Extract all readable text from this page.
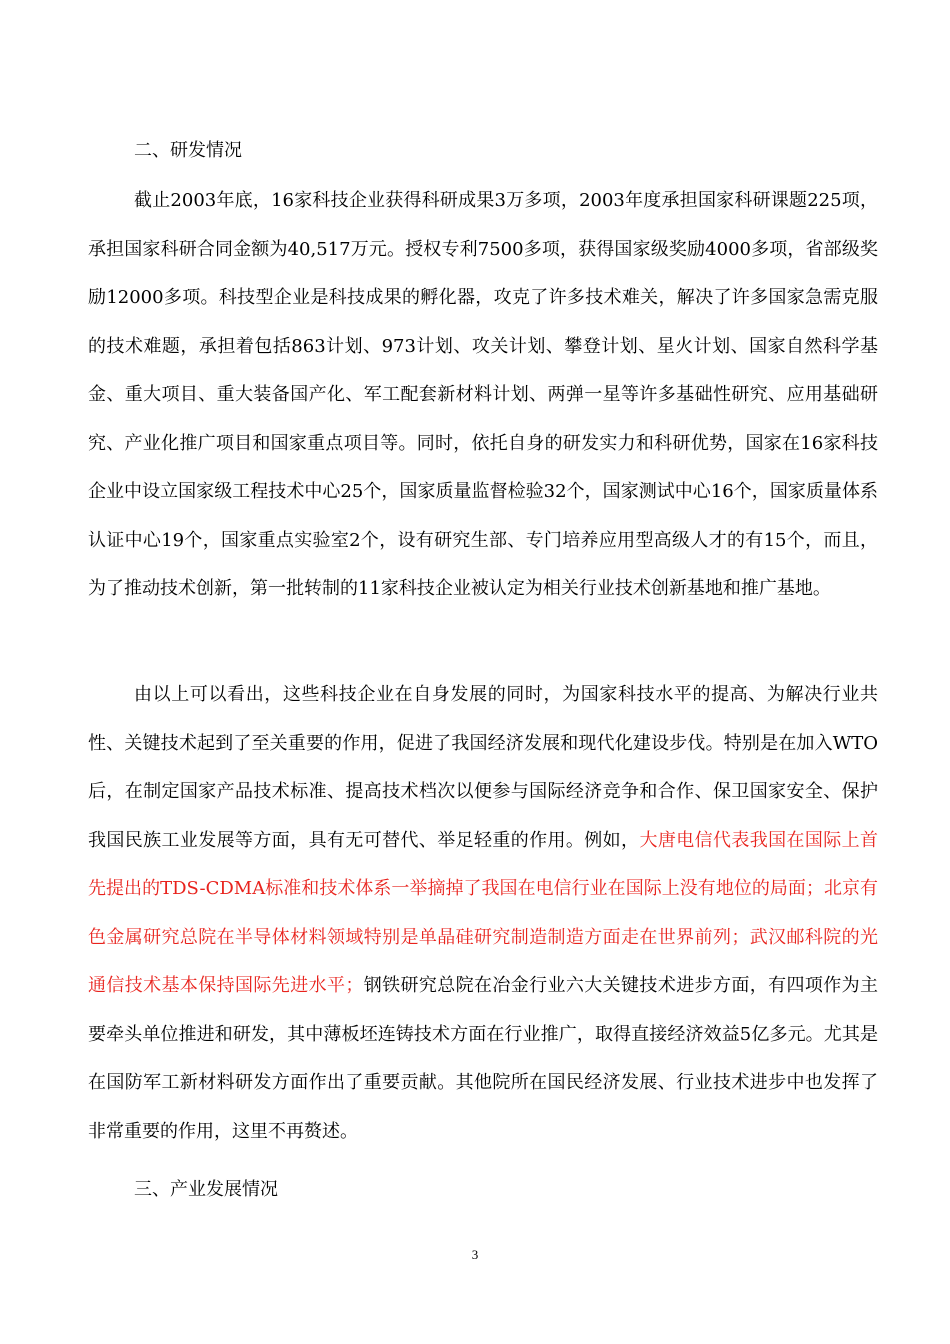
二、研发情况
截止2003年底，16家科技企业获得科研成果3万多项，2003年度承担国家科研课题225项，承担国家科研合同金额为40,517万元。授权专利7500多项，获得国家级奖励4000多项，省部级奖励12000多项。科技型企业是科技成果的孵化器，攻克了许多技术难关，解决了许多国家急需克服的技术难题，承担着包括863计划、973计划、攻关计划、攀登计划、星火计划、国家自然科学基金、重大项目、重大装备国产化、军工配套新材料计划、两弹一星等许多基础性研究、应用基础研究、产业化推广项目和国家重点项目等。同时，依托自身的研发实力和科研优势，国家在16家科技企业中设立国家级工程技术中心25个，国家质量监督检验32个，国家测试中心16个，国家质量体系认证中心19个，国家重点实验室2个，设有研究生部、专门培养应用型高级人才的有15个，而且，为了推动技术创新，第一批转制的11家科技企业被认定为相关行业技术创新基地和推广基地。
由以上可以看出，这些科技企业在自身发展的同时，为国家科技水平的提高、为解决行业共性、关键技术起到了至关重要的作用，促进了我国经济发展和现代化建设步伐。特别是在加入WTO后，在制定国家产品技术标准、提高技术档次以便参与国际经济竞争和合作、保卫国家安全、保护我国民族工业发展等方面，具有无可替代、举足轻重的作用。例如，大唐电信代表我国在国际上首先提出的TDS-CDMA标准和技术体系一举摘掉了我国在电信行业在国际上没有地位的局面；北京有色金属研究总院在半导体材料领域特别是单晶硅研究制造制造方面走在世界前列；武汉邮科院的光通信技术基本保持国际先进水平；钢铁研究总院在冶金行业六大关键技术进步方面，有四项作为主要牵头单位推进和研发，其中薄板坯连铸技术方面在行业推广，取得直接经济效益5亿多元。尤其是在国防军工新材料研发方面作出了重要贡献。其他院所在国民经济发展、行业技术进步中也发挥了非常重要的作用，这里不再赘述。
三、产业发展情况
3
